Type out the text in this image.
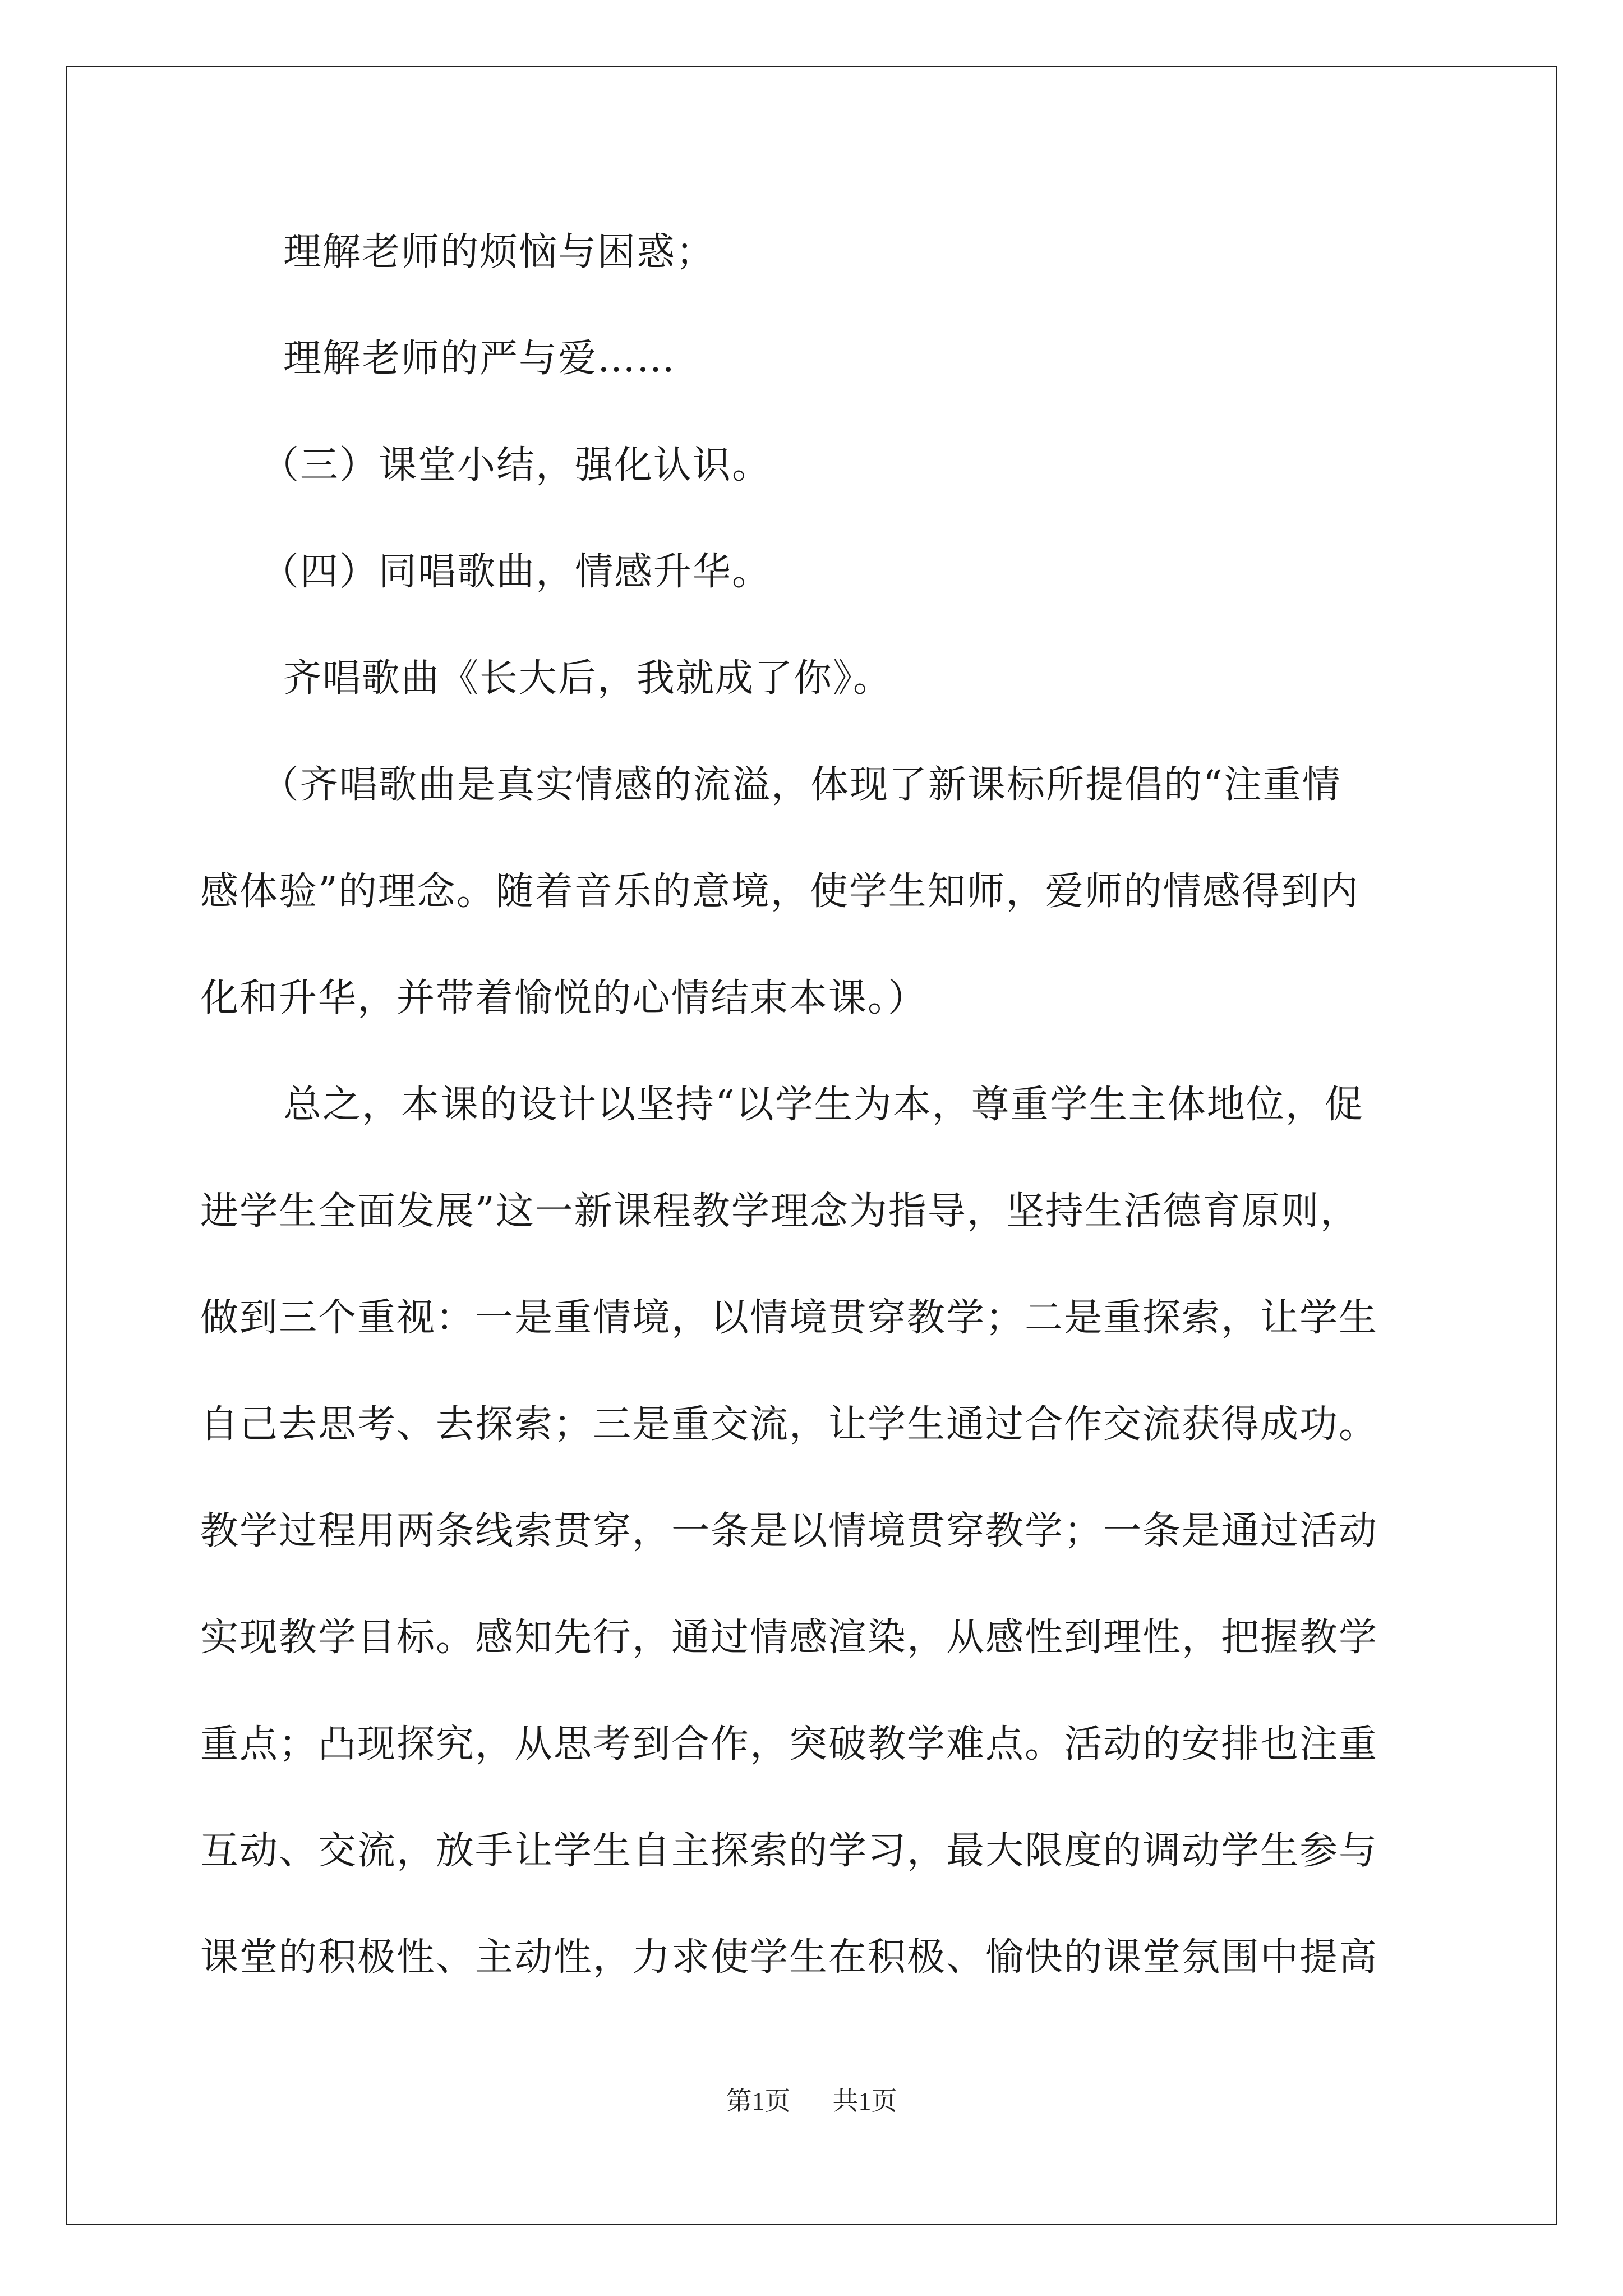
理解老师的烦恼与困惑；
理解老师的严与爱……
（三）课堂小结，强化认识。
（四）同唱歌曲，情感升华。
齐唱歌曲《长大后，我就成了你》。
（齐唱歌曲是真实情感的流溢，体现了新课标所提倡的“注重情
感体验”的理念。随着音乐的意境，使学生知师，爱师的情感得到内
化和升华，并带着愉悦的心情结束本课。）
总之，本课的设计以坚持“以学生为本，尊重学生主体地位，促
进学生全面发展”这一新课程教学理念为指导，坚持生活德育原则，
做到三个重视：一是重情境，以情境贯穿教学；二是重探索，让学生
自己去思考、去探索；三是重交流，让学生通过合作交流获得成功。
教学过程用两条线索贯穿，一条是以情境贯穿教学；一条是通过活动
实现教学目标。感知先行，通过情感渲染，从感性到理性，把握教学
重点；凸现探究，从思考到合作，突破教学难点。活动的安排也注重
互动、交流，放手让学生自主探索的学习，最大限度的调动学生参与
课堂的积极性、主动性，力求使学生在积极、愉快的课堂氛围中提高
第1页 共1页
